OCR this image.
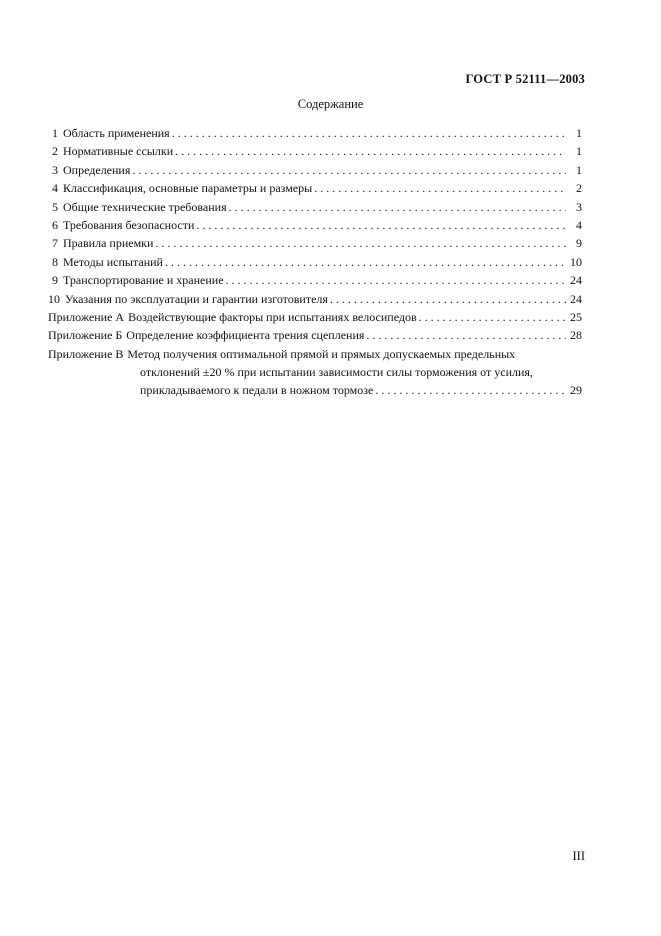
ГОСТ Р 52111—2003
Содержание
1 Область применения . . .	1
2 Нормативные ссылки . . .	1
3 Определения . . .	1
4 Классификация, основные параметры и размеры . . .	2
5 Общие технические требования . . .	3
6 Требования безопасности . . .	4
7 Правила приемки . . .	9
8 Методы испытаний . . .	10
9 Транспортирование и хранение . . .	24
10 Указания по эксплуатации и гарантии изготовителя . . .	24
Приложение А Воздействующие факторы при испытаниях велосипедов . . .	25
Приложение Б Определение коэффициента трения сцепления . . .	28
Приложение В Метод получения оптимальной прямой и прямых допускаемых предельных
отклонений ±20 % при испытании зависимости силы торможения от усилия,
прикладываемого к педали в ножном тормозе . . .	29
III
